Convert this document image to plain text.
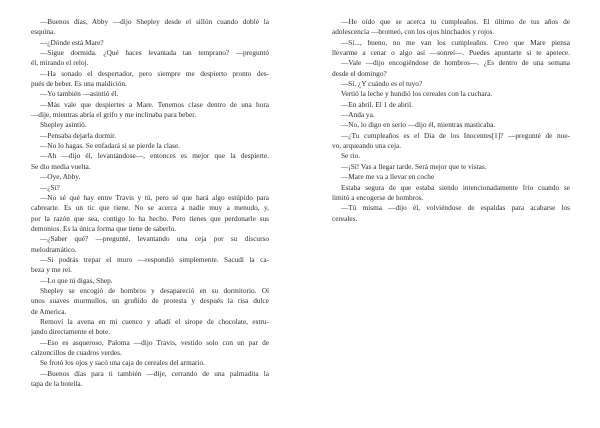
—Buenos días, Abby —dijo Shepley desde el sillón cuando doblé la
esquina.
—¿Dónde está Mare?
—Sigue dormida. ¿Qué haces levantada tan temprano? —preguntó
él, mirando el reloj.
—Ha sonado el despertador, pero siempre me despierto pronto des-
pués de beber. Es una maldición.
—Yo también —asintió él.
—Más vale que despiertes a Mare. Tenemos clase dentro de una hora
—dije, mientras abría el grifo y me inclinaba para beber.
Shepley asintió.
—Pensaba dejarla dormir.
—No lo hagas. Se enfadará si se pierde la clase.
—Ah —dijo él, levantándose—, entonces es mejor que la despierte.
Se dio media vuelta.
—Oye, Abby.
—¿Sí?
—No sé qué hay entre Travis y tú, pero sé que hará algo estúpido para
cabrearte. Es un tic que tiene. No se acerca a nadie muy a menudo, y,
por la razón que sea, contigo lo ha hecho. Pero tienes que perdonarle sus
demonios. Es la única forma que tiene de saberlo.
—¿Saber qué? —pregunté, levantando una ceja por su discurso
melodramático.
—Si podrás trepar el muro —respondió simplemente. Sacudí la ca-
beza y me reí.
—Lo que tú digas, Shep.
Shepley se encogió de hombros y desapareció en su dormitorio. Oí
unos suaves murmullos, un gruñido de protesta y después la risa dulce
de America.
Removí la avena en mi cuenco y añadí el sirope de chocolate, estru-
jando directamente el bote.
—Eso es asqueroso, Paloma —dijo Travis, vestido solo con un par de
calzoncillos de cuadros verdes.
Se frotó los ojos y sacó una caja de cereales del armario.
—Buenos días para ti también —dije, cerrando de una palmadita la
tapa de la botella.
—He oído que se acerca tu cumpleaños. El último de tus años de
adolescencia —bromeó, con los ojos hinchados y rojos.
—Sí..., bueno, no me van los cumpleaños. Creo que Mare piensa
llevarme a cenar o algo así —sonreí—. Puedes apuntarte si te apetece.
—Vale —dijo encogiéndose de hombros—. ¿Es dentro de una semana
desde el domingo?
—Sí. ¿Y cuándo es el tuyo?
Vertió la leche y hundió los cereales con la cuchara.
—En abril. El 1 de abril.
—Anda ya.
—No, lo digo en serio —dijo él, mientras masticaba.
—¿Tu cumpleaños es el Día de los Inocentes[1]? —pregunté de nue-
vo, arqueando una ceja.
Se rio.
—¡Sí! Vas a llegar tarde. Será mejor que te vistas.
—Mare me va a llevar en coche
Estaba segura de que estaba siendo intencionadamente frío cuando se
limitó a encogerse de hombros.
—Tú misma —dijo él, volviéndose de espaldas para acabarse los
cereales.
